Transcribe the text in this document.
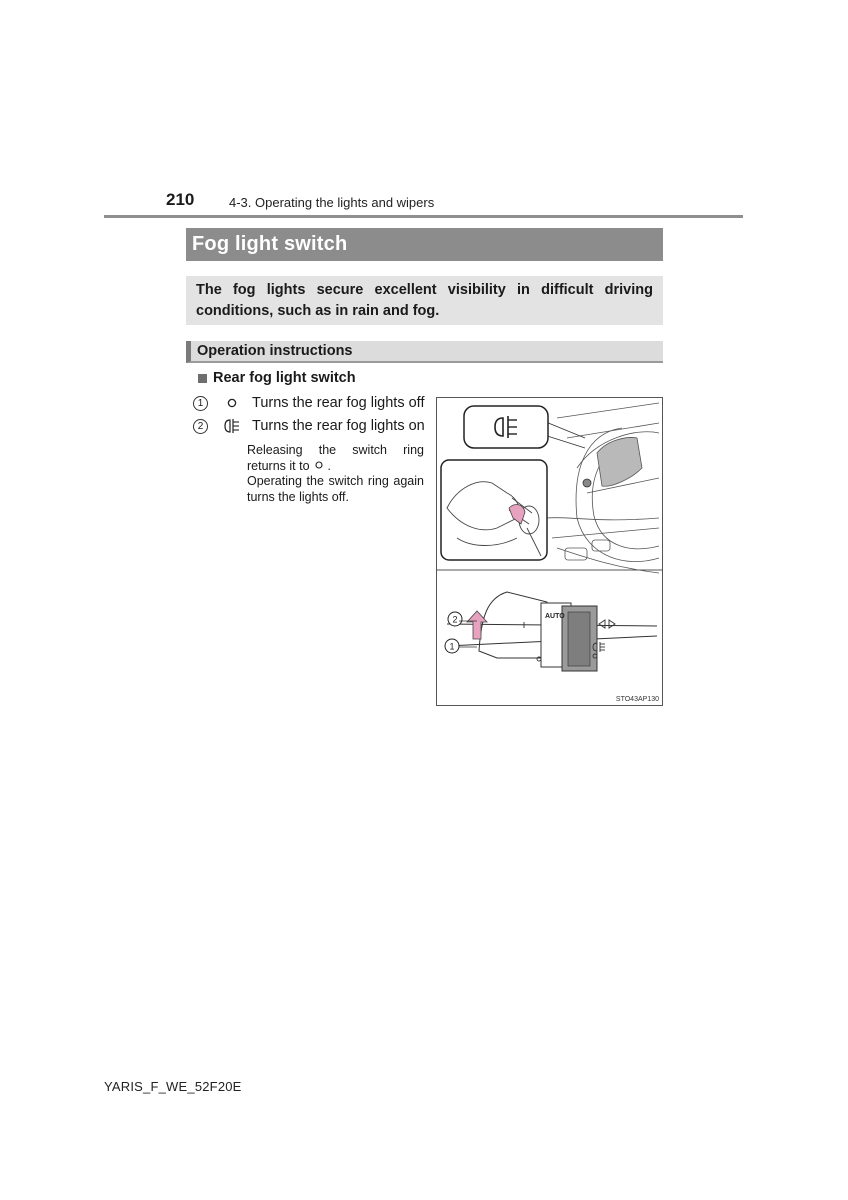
210	4-3. Operating the lights and wipers
Fog light switch
The fog lights secure excellent visibility in difficult driving conditions, such as in rain and fog.
Operation instructions
Rear fog light switch
1	Turns the rear fog lights off
2	Turns the rear fog lights on
Releasing the switch ring returns it to .
Operating the switch ring again turns the lights off.
AUTO
2
1
STO43AP130
YARIS_F_WE_52F20E
